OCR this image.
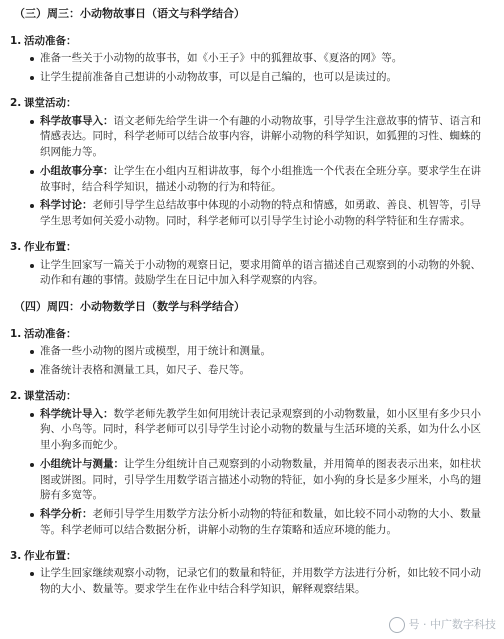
（三）周三：小动物故事日（语文与科学结合）
1. 活动准备：
准备一些关于小动物的故事书，如《小王子》中的狐狸故事、《夏洛的网》等。
让学生提前准备自己想讲的小动物故事，可以是自己编的，也可以是读过的。
2. 课堂活动：
科学故事导入：语文老师先给学生讲一个有趣的小动物故事，引导学生注意故事的情节、语言和情感表达。同时，科学老师可以结合故事内容，讲解小动物的科学知识，如狐狸的习性、蜘蛛的织网能力等。
小组故事分享：让学生在小组内互相讲故事，每个小组推选一个代表在全班分享。要求学生在讲故事时，结合科学知识，描述小动物的行为和特征。
科学讨论：老师引导学生总结故事中体现的小动物的特点和情感，如勇敢、善良、机智等，引导学生思考如何关爱小动物。同时，科学老师可以引导学生讨论小动物的科学特征和生存需求。
3. 作业布置：
让学生回家写一篇关于小动物的观察日记，要求用简单的语言描述自己观察到的小动物的外貌、动作和有趣的事情。鼓励学生在日记中加入科学观察的内容。
（四）周四：小动物数学日（数学与科学结合）
1. 活动准备：
准备一些小动物的图片或模型，用于统计和测量。
准备统计表格和测量工具，如尺子、卷尺等。
2. 课堂活动：
科学统计导入：数学老师先教学生如何用统计表记录观察到的小动物数量，如小区里有多少只小狗、小鸟等。同时，科学老师可以引导学生讨论小动物的数量与生活环境的关系，如为什么小区里小狗多而蛇少。
小组统计与测量：让学生分组统计自己观察到的小动物数量，并用简单的图表表示出来，如柱状图或饼图。同时，引导学生用数学语言描述小动物的特征，如小狗的身长是多少厘米，小鸟的翅膀有多宽等。
科学分析：老师引导学生用数学方法分析小动物的特征和数量，如比较不同小动物的大小、数量等。科学老师可以结合数据分析，讲解小动物的生存策略和适应环境的能力。
3. 作业布置：
让学生回家继续观察小动物，记录它们的数量和特征，并用数学方法进行分析，如比较不同小动物的大小、数量等。要求学生在作业中结合科学知识，解释观察结果。
号 · 中广数字科技
